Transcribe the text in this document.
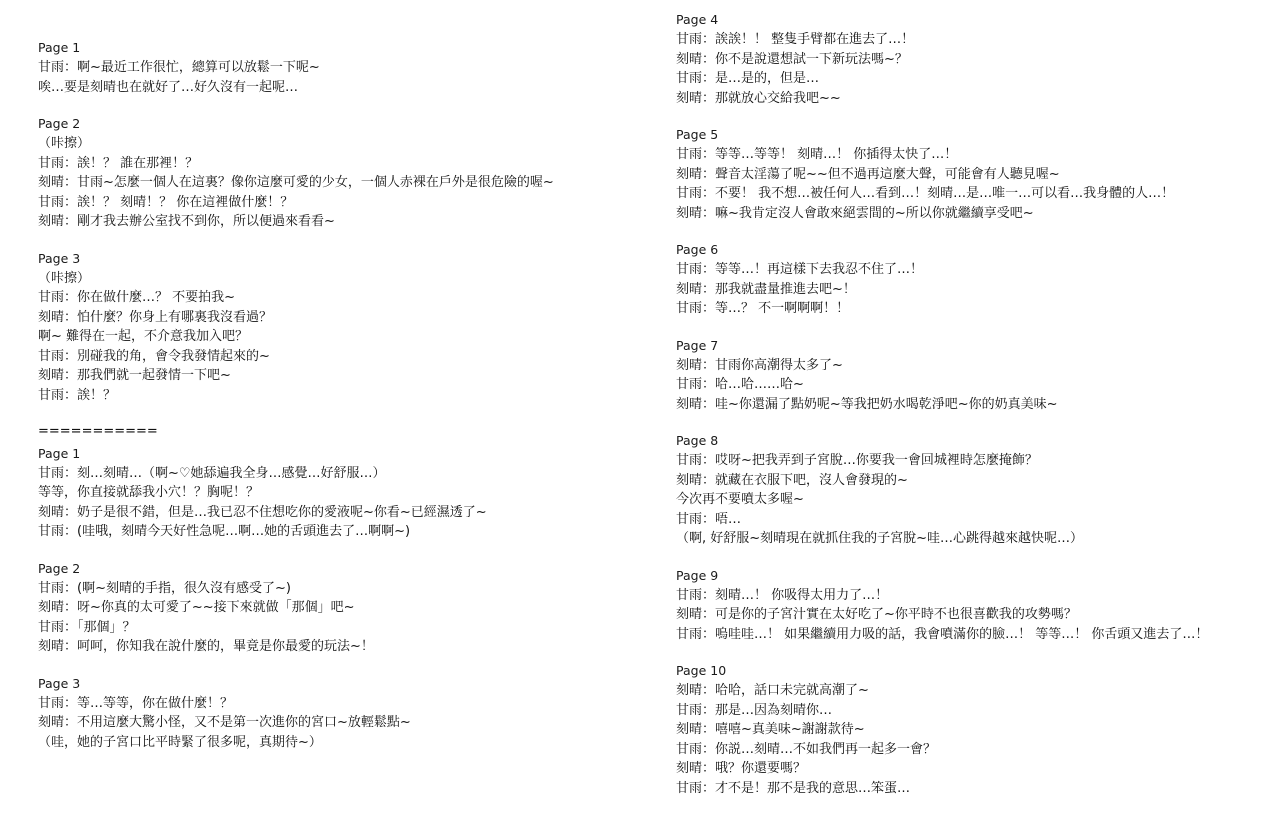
Page 1

甘雨：啊~最近工作很忙，總算可以放鬆一下呢~

唉…要是刻晴也在就好了…好久沒有一起呢…

Page 2

（咔擦）

甘雨：誒！？ 誰在那裡！？

刻晴：甘雨~怎麼一個人在這裏？像你這麼可愛的少女，一個人赤裸在戶外是很危險的喔~

甘雨：誒！？ 刻晴！？ 你在這裡做什麼！？

刻晴：剛才我去辦公室找不到你，所以便過來看看~

Page 3

（咔擦）

甘雨：你在做什麼…？ 不要拍我~

刻晴：怕什麼？你身上有哪裏我沒看過？

啊~ 難得在一起，不介意我加入吧？

甘雨：別碰我的角，會令我發情起來的~

刻晴：那我們就一起發情一下吧~

甘雨：誒！？

===========

Page 1

甘雨：刻…刻晴…（啊~♡她舔遍我全身…感覺…好舒服…）

等等，你直接就舔我小穴！？胸呢！？

刻晴：奶子是很不錯，但是…我已忍不住想吃你的愛液呢~你看~已經濕透了~

甘雨：(哇哦，刻晴今天好性急呢…啊…她的舌頭進去了…啊啊~)

Page 2

甘雨：(啊~刻晴的手指，很久沒有感受了~)

刻晴：呀~你真的太可愛了~~接下來就做「那個」吧~

甘雨：「那個」？

刻晴：呵呵，你知我在說什麼的，畢竟是你最愛的玩法~！

Page 3

甘雨：等…等等，你在做什麼！？

刻晴：不用這麼大驚小怪，又不是第一次進你的宮口~放輕鬆點~

（哇，她的子宮口比平時緊了很多呢，真期待~）

Page 4

甘雨：誒誒！！ 整隻手臂都在進去了…！

刻晴：你不是說還想試一下新玩法嗎~？

甘雨：是…是的，但是…

刻晴：那就放心交給我吧~~

Page 5

甘雨：等等…等等！ 刻晴…！ 你插得太快了…！

刻晴：聲音太淫蕩了呢~~但不過再這麼大聲，可能會有人聽見喔~

甘雨：不要！ 我不想…被任何人…看到…！刻晴…是…唯一…可以看…我身體的人…！

刻晴：嘛~我肯定沒人會敢來絕雲間的~所以你就繼續享受吧~

Page 6

甘雨：等等…！再這樣下去我忍不住了…！

刻晴：那我就盡量推進去吧~！

甘雨：等…？ 不一啊啊啊！！

Page 7

刻晴：甘雨你高潮得太多了~

甘雨：哈…哈……哈~

刻晴：哇~你還漏了點奶呢~等我把奶水喝乾淨吧~你的奶真美味~

Page 8

甘雨：哎呀~把我弄到子宮脫…你要我一會回城裡時怎麼掩飾？

刻晴：就藏在衣服下吧，沒人會發現的~

今次再不要噴太多喔~

甘雨：唔…

（啊, 好舒服~刻晴現在就抓住我的子宮脫~哇…心跳得越來越快呢…）

Page 9

甘雨：刻晴…！ 你吸得太用力了…！

刻晴：可是你的子宮汁實在太好吃了~你平時不也很喜歡我的攻勢嗎？

甘雨：嗚哇哇…！ 如果繼續用力吸的話，我會噴滿你的臉…！ 等等…！ 你舌頭又進去了…！

Page 10

刻晴：哈哈，話口未完就高潮了~

甘雨：那是…因為刻晴你…

刻晴：嘻嘻~真美味~謝謝款待~

甘雨：你説…刻晴…不如我們再一起多一會？

刻晴：哦？你還要嗎？

甘雨：才不是！那不是我的意思…笨蛋…
